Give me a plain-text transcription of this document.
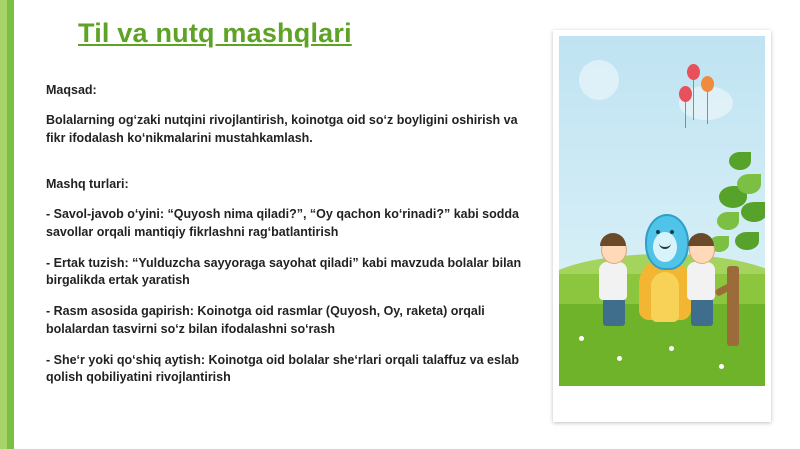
Til va nutq mashqlari

Maqsad:

Bolalarning og‘zaki nutqini rivojlantirish, koinotga oid so‘z boyligini oshirish va fikr ifodalash ko‘nikmalarini mustahkamlash.

Mashq turlari:

- Savol-javob o‘yini: “Quyosh nima qiladi?”, “Oy qachon ko‘rinadi?” kabi sodda savollar orqali mantiqiy fikrlashni rag‘batlantirish

- Ertak tuzish: “Yulduzcha sayyoraga sayohat qiladi” kabi mavzuda bolalar bilan birgalikda ertak yaratish

- Rasm asosida gapirish: Koinotga oid rasmlar (Quyosh, Oy, raketa) orqali bolalardan tasvirni so‘z bilan ifodalashni so‘rash

- She‘r yoki qo‘shiq aytish: Koinotga oid bolalar she‘rlari orqali talaffuz va eslab qolish qobiliyatini rivojlantirish
